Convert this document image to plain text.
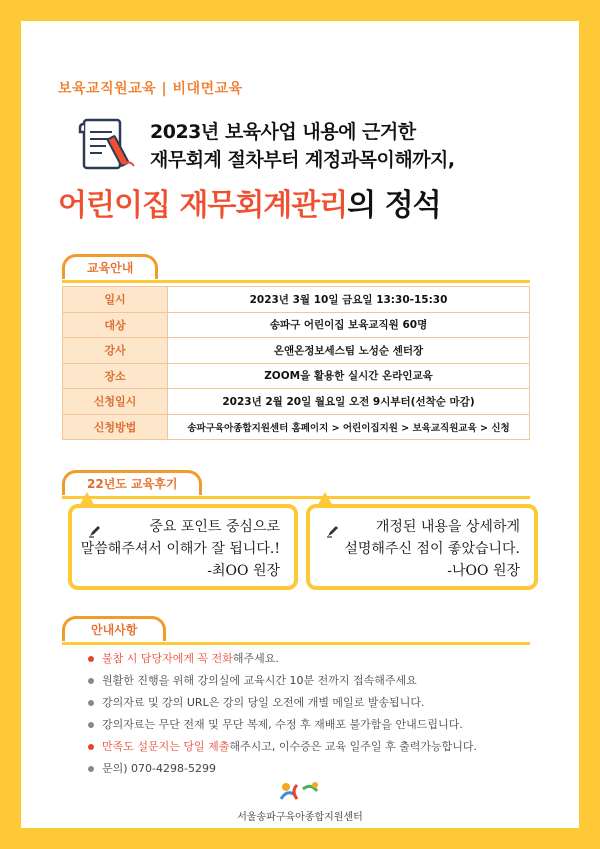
보육교직원교육 | 비대면교육
2023년 보육사업 내용에 근거한
재무회계 절차부터 계정과목이해까지,
어린이집 재무회계관리의 정석
교육안내
일시	2023년 3월 10일 금요일 13:30-15:30
대상	송파구 어린이집 보육교직원 60명
강사	온앤온정보세스팀 노성순 센터장
장소	ZOOM을 활용한 실시간 온라인교육
신청일시	2023년 2월 20일 월요일 오전 9시부터(선착순 마감)
신청방법	송파구육아종합지원센터 홈페이지 > 어린이집지원 > 보육교직원교육 > 신청
22년도 교육후기
중요 포인트 중심으로
말씀해주셔서 이해가 잘 됩니다.!
-최OO 원장
개정된 내용을 상세하게
설명해주신 점이 좋았습니다.
-나OO 원장
안내사항
불참 시 담당자에게 꼭 전화해주세요.
원활한 진행을 위해 강의실에 교육시간 10분 전까지 접속해주세요
강의자료 및 강의 URL은 강의 당일 오전에 개별 메일로 발송됩니다.
강의자료는 무단 전재 및 무단 복제, 수정 후 재배포 불가함을 안내드립니다.
만족도 설문지는 당일 제출해주시고, 이수증은 교육 일주일 후 출력가능합니다.
문의) 070-4298-5299
서울송파구육아종합지원센터
